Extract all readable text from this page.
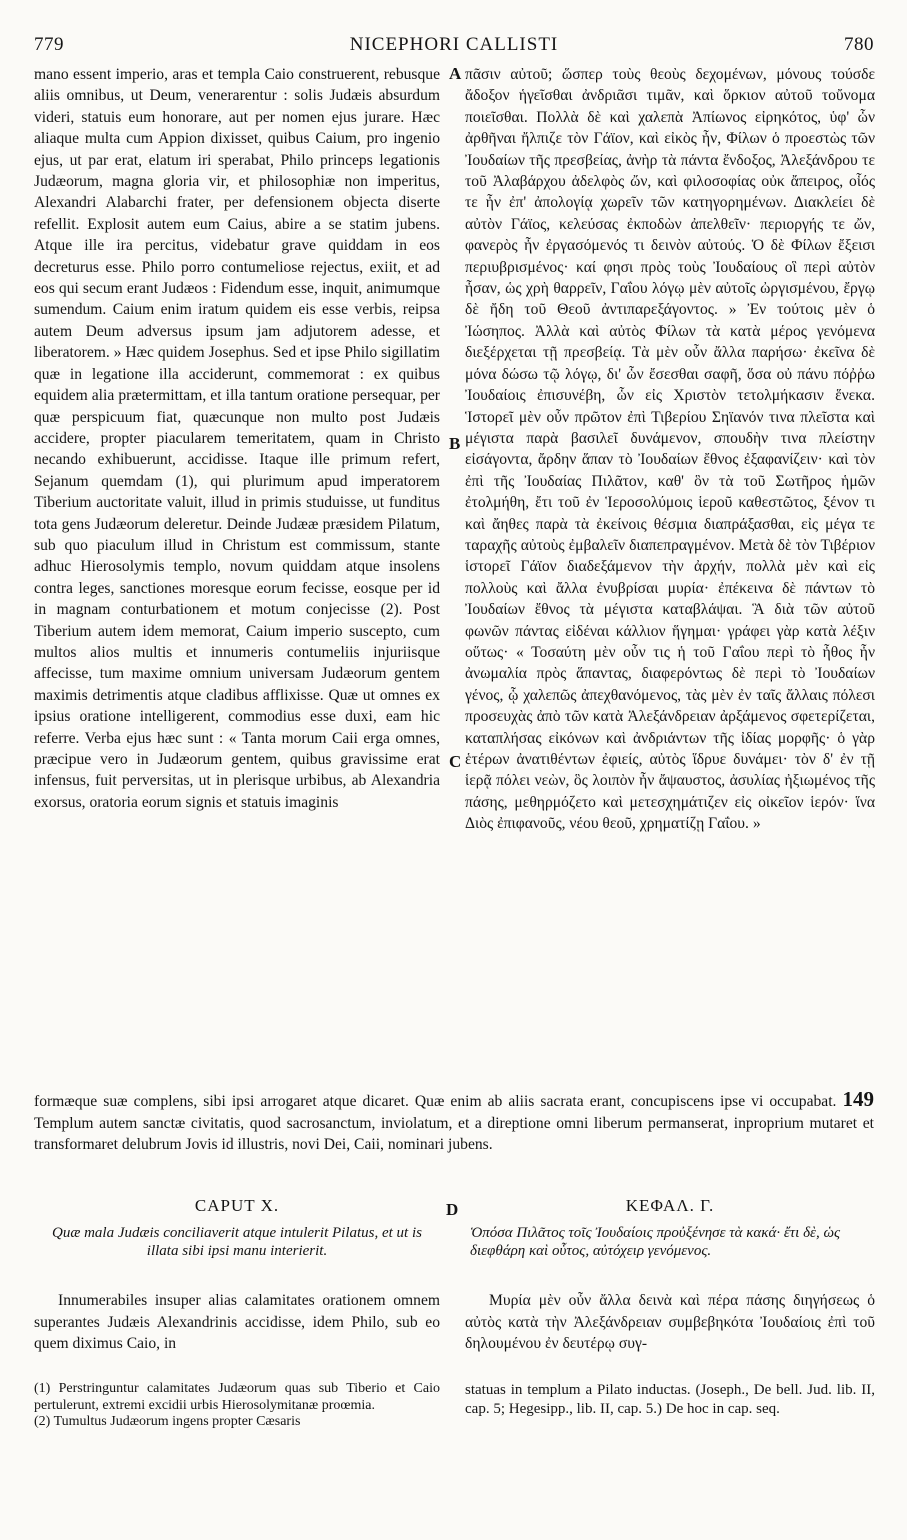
779	NICEPHORI CALLISTI	780
mano essent imperio, aras et templa Caio construerent, rebusque aliis omnibus, ut Deum, venerarentur : solis Judæis absurdum videri, statuis eum honorare, aut per nomen ejus jurare. Hæc aliaque multa cum Appion dixisset, quibus Caium, pro ingenio ejus, ut par erat, elatum iri sperabat, Philo princeps legationis Judæorum, magna gloria vir, et philosophiæ non imperitus, Alexandri Alabarchi frater, per defensionem objecta diserte refellit. Explosit autem eum Caius, abire a se statim jubens. Atque ille ira percitus, videbatur grave quiddam in eos decreturus esse. Philo porro contumeliose rejectus, exiit, et ad eos qui secum erant Judæos : Fidendum esse, inquit, animumque sumendum. Caium enim iratum quidem eis esse verbis, reipsa autem Deum adversus ipsum jam adjutorem adesse, et liberatorem. » Hæc quidem Josephus. Sed et ipse Philo sigillatim quæ in legatione illa acciderunt, commemorat : ex quibus equidem alia prætermittam, et illa tantum oratione persequar, per quæ perspicuum fiat, quæcunque non multo post Judæis accidere, propter piacularem temeritatem, quam in Christo necando exhibuerunt, accidisse. Itaque ille primum refert, Sejanum quemdam (1), qui plurimum apud imperatorem Tiberium auctoritate valuit, illud in primis studuisse, ut funditus tota gens Judæorum deleretur. Deinde Judææ præsidem Pilatum, sub quo piaculum illud in Christum est commissum, stante adhuc Hierosolymis templo, novum quiddam atque insolens contra leges, sanctiones moresque eorum fecisse, eosque per id in magnam conturbationem et motum conjecisse (2). Post Tiberium autem idem memorat, Caium imperio suscepto, cum multos alios multis et innumeris contumeliis injuriisque affecisse, tum maxime omnium universam Judæorum gentem maximis detrimentis atque cladibus afflixisse. Quæ ut omnes ex ipsius oratione intelligerent, commodius esse duxi, eam hic referre. Verba ejus hæc sunt : « Tanta morum Caii erga omnes, præcipue vero in Judæorum gentem, quibus gravissime erat infensus, fuit perversitas, ut in plerisque urbibus, ab Alexandria exorsus, oratoria eorum signis et statuis imaginis
πᾶσιν αὐτοῦ; ὥσπερ τοὺς θεοὺς δεχομένων, μόνους τούσδε ἄδοξον ἡγεῖσθαι ἀνδριᾶσι τιμᾶν, καὶ ὅρκιον αὐτοῦ τοὔνομα ποιεῖσθαι. Πολλὰ δὲ καὶ χαλεπὰ Ἀπίωνος εἰρηκότος, ὑφ' ὧν ἀρθῆναι ἤλπιζε τὸν Γάϊον, καὶ εἰκὸς ἦν, Φίλων ὁ προεστὼς τῶν Ἰουδαίων τῆς πρεσβείας, ἀνὴρ τὰ πάντα ἔνδοξος, Ἀλεξάνδρου τε τοῦ Ἀλαβάρχου ἀδελφὸς ὤν, καὶ φιλοσοφίας οὐκ ἄπειρος, οἷός τε ἦν ἐπ' ἀπολογίᾳ χωρεῖν τῶν κατηγορημένων. Διακλείει δὲ αὐτὸν Γάϊος, κελεύσας ἐκποδὼν ἀπελθεῖν· περιοργής τε ὤν, φανερὸς ἦν ἐργασόμενός τι δεινὸν αὐτούς. Ὁ δὲ Φίλων ἔξεισι περιυβρισμένος· καί φησι πρὸς τοὺς Ἰουδαίους οἳ περὶ αὐτὸν ἦσαν, ὡς χρὴ θαρρεῖν, Γαΐου λόγῳ μὲν αὐτοῖς ὠργισμένου, ἔργῳ δὲ ἤδη τοῦ Θεοῦ ἀντιπαρεξάγοντος. » Ἐν τούτοις μὲν ὁ Ἰώσηπος. Ἀλλὰ καὶ αὐτὸς Φίλων τὰ κατὰ μέρος γενόμενα διεξέρχεται τῇ πρεσβείᾳ. Τὰ μὲν οὖν ἄλλα παρήσω· ἐκεῖνα δὲ μόνα δώσω τῷ λόγῳ, δι' ὧν ἔσεσθαι σαφῆ, ὅσα οὐ πάνυ πόῤῥω Ἰουδαίοις ἐπισυνέβη, ὧν εἰς Χριστὸν τετολμήκασιν ἕνεκα. Ἱστορεῖ μὲν οὖν πρῶτον ἐπὶ Τιβερίου Σηϊανόν τινα πλεῖστα καὶ μέγιστα παρὰ βασιλεῖ δυνάμενον, σπουδὴν τινα πλείστην εἰσάγοντα, ἄρδην ἅπαν τὸ Ἰουδαίων ἔθνος ἐξαφανίζειν· καὶ τὸν ἐπὶ τῆς Ἰουδαίας Πιλᾶτον, καθ' ὃν τὰ τοῦ Σωτῆρος ἡμῶν ἐτολμήθη, ἔτι τοῦ ἐν Ἱεροσολύμοις ἱεροῦ καθεστῶτος, ξένον τι καὶ ἄηθες παρὰ τὰ ἐκείνοις θέσμια διαπράξασθαι, εἰς μέγα τε ταραχῆς αὐτοὺς ἐμβαλεῖν διαπεπραγμένον. Μετὰ δὲ τὸν Τιβέριον ἱστορεῖ Γάϊον διαδεξάμενον τὴν ἀρχήν, πολλὰ μὲν καὶ εἰς πολλοὺς καὶ ἄλλα ἐνυβρίσαι μυρία· ἐπέκεινα δὲ πάντων τὸ Ἰουδαίων ἔθνος τὰ μέγιστα καταβλάψαι. Ἃ διὰ τῶν αὐτοῦ φωνῶν πάντας εἰδέναι κάλλιον ἥγημαι· γράφει γὰρ κατὰ λέξιν οὕτως· « Τοσαύτη μὲν οὖν τις ἡ τοῦ Γαΐου περὶ τὸ ἦθος ἦν ἀνωμαλία πρὸς ἅπαντας, διαφερόντως δὲ περὶ τὸ Ἰουδαίων γένος, ᾧ χαλεπῶς ἀπεχθανόμενος, τὰς μὲν ἐν ταῖς ἄλλαις πόλεσι προσευχὰς ἀπὸ τῶν κατὰ Ἀλεξάνδρειαν ἀρξάμενος σφετερίζεται, καταπλήσας εἰκόνων καὶ ἀνδριάντων τῆς ἰδίας μορφῆς· ὁ γὰρ ἑτέρων ἀνατιθέντων ἐφιείς, αὐτὸς ἵδρυε δυνάμει· τὸν δ' ἐν τῇ ἱερᾷ πόλει νεὼν, ὃς λοιπὸν ἦν ἄψαυστος, ἀσυλίας ἠξιωμένος τῆς πάσης, μεθηρμόζετο καὶ μετεσχημάτιζεν εἰς οἰκεῖον ἱερόν· ἵνα Διὸς ἐπιφανοῦς, νέου θεοῦ, χρηματίζῃ Γαΐου. »
A
B
C
D
formæque suæ complens, sibi ipsi arrogaret atque dicaret. Quæ enim ab aliis sacrata erant, concupiscens ipse vi occupabat. 149 Templum autem sanctæ civitatis, quod sacrosanctum, inviolatum, et a direptione omni liberum permanserat, inproprium mutaret et transformaret delubrum Jovis id illustris, novi Dei, Caii, nominari jubens.
CAPUT X.	ΚΕΦΑΛ. Γ.
Quæ mala Judæis conciliaverit atque intulerit Pilatus, et ut is illata sibi ipsi manu interierit.
Ὁπόσα Πιλᾶτος τοῖς Ἰουδαίοις προὐξένησε τὰ κακά· ἔτι δὲ, ὡς διεφθάρη καὶ οὗτος, αὐτόχειρ γενόμενος.
Innumerabiles insuper alias calamitates orationem omnem superantes Judæis Alexandrinis accidisse, idem Philo, sub eo quem diximus Caio, in
Μυρία μὲν οὖν ἄλλα δεινὰ καὶ πέρα πάσης διηγήσεως ὁ αὐτὸς κατὰ τὴν Ἀλεξάνδρειαν συμβεβηκότα Ἰουδαίοις ἐπὶ τοῦ δηλουμένου ἐν δευτέρῳ συγ-
(1) Perstringuntur calamitates Judæorum quas sub Tiberio et Caio pertulerunt, extremi excidii urbis Hierosolymitanæ proœmia.
(2) Tumultus Judæorum ingens propter Cæsaris
statuas in templum a Pilato inductas. (Joseph., De bell. Jud. lib. II, cap. 5; Hegesipp., lib. II, cap. 5.) De hoc in cap. seq.
